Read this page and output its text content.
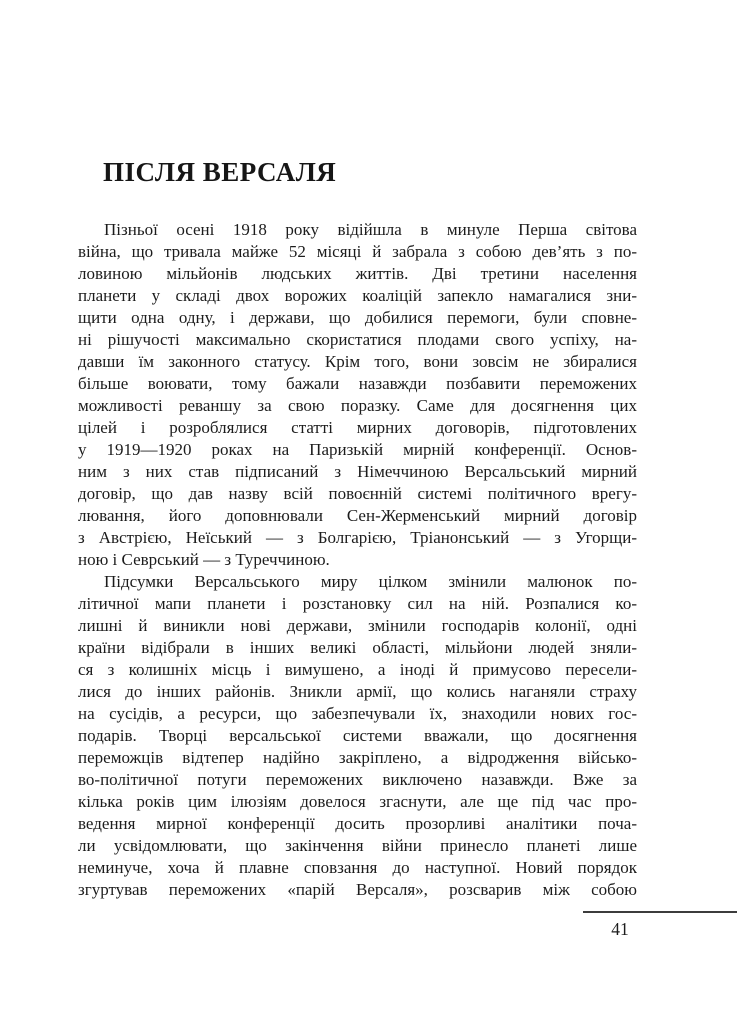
ПІСЛЯ ВЕРСАЛЯ
Пізньої осені 1918 року відійшла в минуле Перша світова
війна, що тривала майже 52 місяці й забрала з собою дев’ять з по-
ловиною мільйонів людських життів. Дві третини населення
планети у складі двох ворожих коаліцій запекло намагалися зни-
щити одна одну, і держави, що добилися перемоги, були сповне-
ні рішучості максимально скористатися плодами свого успіху, на-
давши їм законного статусу. Крім того, вони зовсім не збиралися
більше воювати, тому бажали назавжди позбавити переможених
можливості реваншу за свою поразку. Саме для досягнення цих
цілей і розроблялися статті мирних договорів, підготовлених
у 1919—1920 роках на Паризькій мирній конференції. Основ-
ним з них став підписаний з Німеччиною Версальський мирний
договір, що дав назву всій повоєнній системі політичного врегу-
лювання, його доповнювали Сен-Жерменський мирний договір
з Австрією, Неїський — з Болгарією, Тріанонський — з Угорщи-
ною і Севрський — з Туреччиною.
Підсумки Версальського миру цілком змінили малюнок по-
літичної мапи планети і розстановку сил на ній. Розпалися ко-
лишні й виникли нові держави, змінили господарів колонії, одні
країни відібрали в інших великі області, мільйони людей зняли-
ся з колишніх місць і вимушено, а іноді й примусово пересели-
лися до інших районів. Зникли армії, що колись наганяли страху
на сусідів, а ресурси, що забезпечували їх, знаходили нових гос-
подарів. Творці версальської системи вважали, що досягнення
переможців відтепер надійно закріплено, а відродження військо-
во-політичної потуги переможених виключено назавжди. Вже за
кілька років цим ілюзіям довелося згаснути, але ще під час про-
ведення мирної конференції досить прозорливі аналітики поча-
ли усвідомлювати, що закінчення війни принесло планеті лише
неминуче, хоча й плавне сповзання до наступної. Новий порядок
згуртував переможених «парій Версаля», розсварив між собою
41
